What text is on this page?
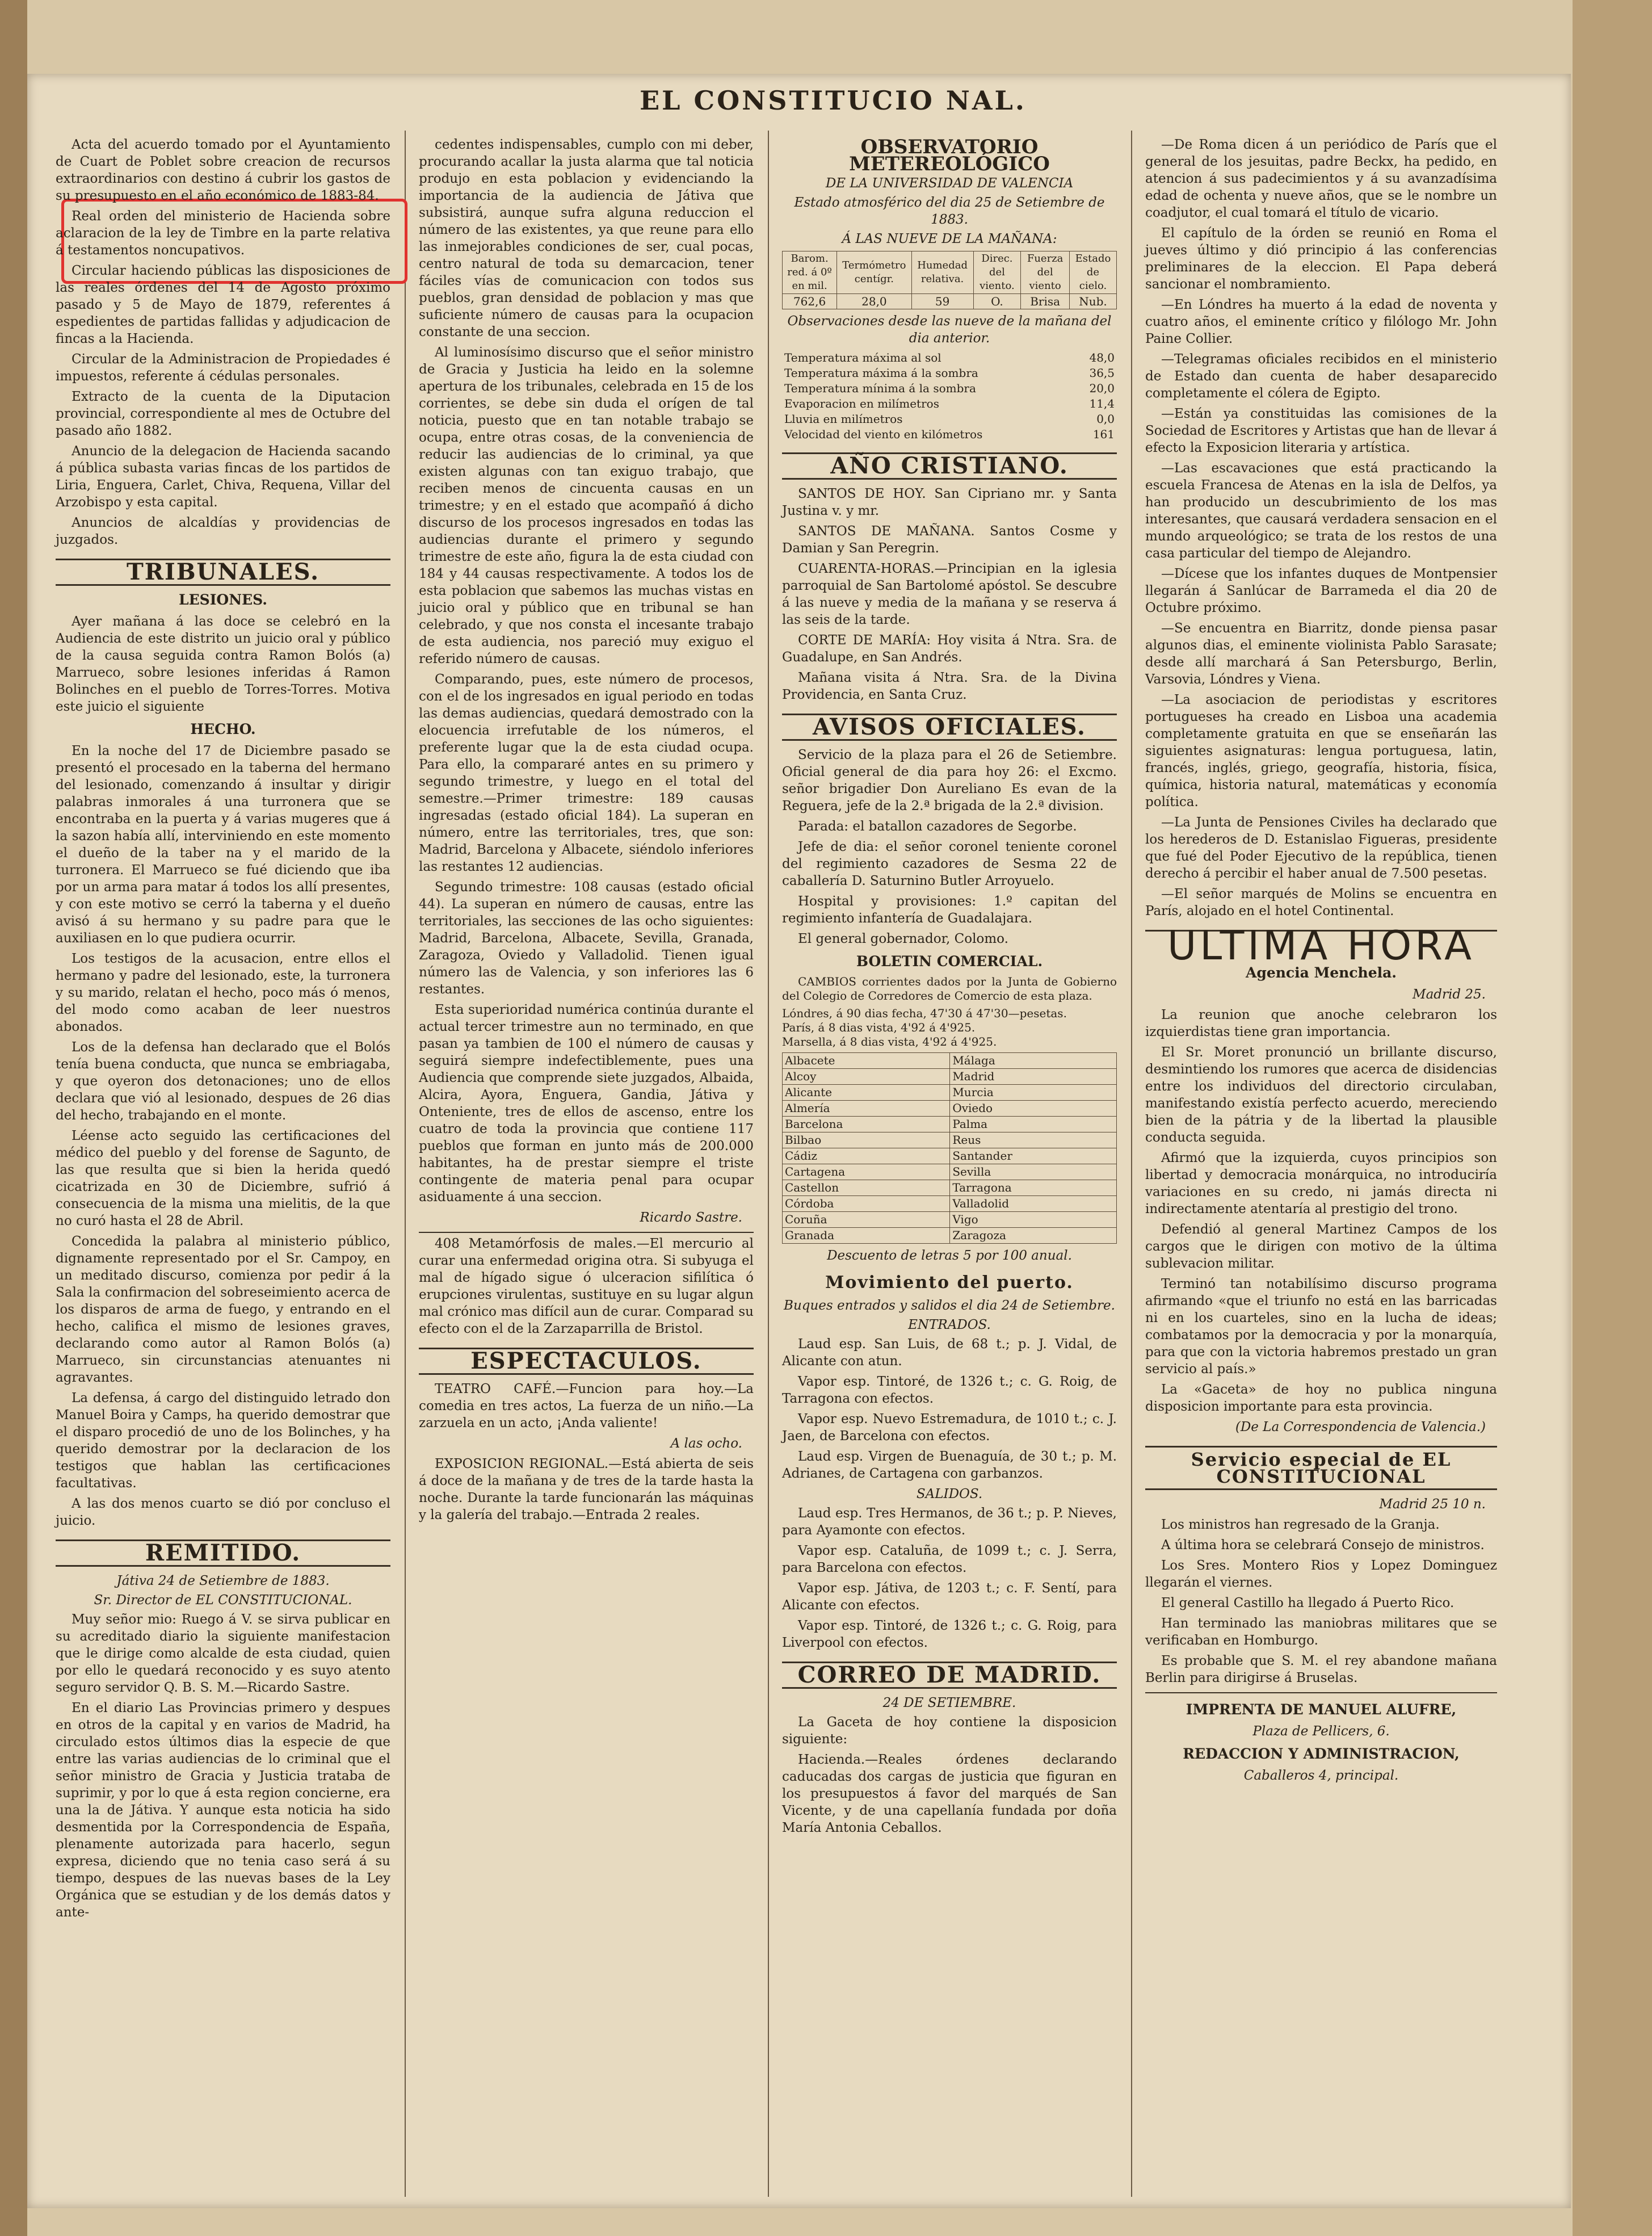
EL CONSTITUCIO NAL.

Acta del acuerdo tomado por el Ayuntamiento de Cuart de Poblet sobre creacion de recursos extraordinarios con destino á cubrir los gastos de su presupuesto en el año económico de 1883-84.

Real orden del ministerio de Hacienda sobre aclaracion de la ley de Timbre en la parte relativa á testamentos noncupativos.

Circular haciendo públicas las disposiciones de las reales órdenes del 14 de Agosto próximo pasado y 5 de Mayo de 1879, referentes á espedientes de partidas fallidas y adjudicacion de fincas a la Hacienda.

Circular de la Administracion de Propiedades é impuestos, referente á cédulas personales.

Extracto de la cuenta de la Diputacion provincial, correspondiente al mes de Octubre del pasado año 1882.

Anuncio de la delegacion de Hacienda sacando á pública subasta varias fincas de los partidos de Liria, Enguera, Carlet, Chiva, Requena, Villar del Arzobispo y esta capital.

Anuncios de alcaldías y providencias de juzgados.

TRIBUNALES.
LESIONES.

Ayer mañana á las doce se celebró en la Audiencia de este distrito un juicio oral y público de la causa seguida contra Ramon Bolós (a) Marrueco, sobre lesiones inferidas á Ramon Bolinches en el pueblo de Torres-Torres. Motiva este juicio el siguiente

HECHO.

En la noche del 17 de Diciembre pasado se presentó el procesado en la taberna del hermano del lesionado, comenzando á insultar y dirigir palabras inmorales á una turronera que se encontraba en la puerta y á varias mugeres que á la sazon había allí, interviniendo en este momento el dueño de la taber na y el marido de la turronera. El Marrueco se fué diciendo que iba por un arma para matar á todos los allí presentes, y con este motivo se cerró la taberna y el dueño avisó á su hermano y su padre para que le auxiliasen en lo que pudiera ocurrir.

Los testigos de la acusacion, entre ellos el hermano y padre del lesionado, este, la turronera y su marido, relatan el hecho, poco más ó menos, del modo como acaban de leer nuestros abonados.

Los de la defensa han declarado que el Bolós tenía buena conducta, que nunca se embriagaba, y que oyeron dos detonaciones; uno de ellos declara que vió al lesionado, despues de 26 dias del hecho, trabajando en el monte.

Léense acto seguido las certificaciones del médico del pueblo y del forense de Sagunto, de las que resulta que si bien la herida quedó cicatrizada en 30 de Diciembre, sufrió á consecuencia de la misma una mielitis, de la que no curó hasta el 28 de Abril.

Concedida la palabra al ministerio público, dignamente representado por el Sr. Campoy, en un meditado discurso, comienza por pedir á la Sala la confirmacion del sobreseimiento acerca de los disparos de arma de fuego, y entrando en el hecho, califica el mismo de lesiones graves, declarando como autor al Ramon Bolós (a) Marrueco, sin circunstancias atenuantes ni agravantes.

La defensa, á cargo del distinguido letrado don Manuel Boira y Camps, ha querido demostrar que el disparo procedió de uno de los Bolinches, y ha querido demostrar por la declaracion de los testigos que hablan las certificaciones facultativas.

A las dos menos cuarto se dió por concluso el juicio.

REMITIDO.
Játiva 24 de Setiembre de 1883.
Sr. Director de EL CONSTITUCIONAL.

Muy señor mio: Ruego á V. se sirva publicar en su acreditado diario la siguiente manifestacion que le dirige como alcalde de esta ciudad, quien por ello le quedará reconocido y es suyo atento seguro servidor Q. B. S. M.—Ricardo Sastre.

En el diario Las Provincias primero y despues en otros de la capital y en varios de Madrid, ha circulado estos últimos dias la especie de que entre las varias audiencias de lo criminal que el señor ministro de Gracia y Justicia trataba de suprimir, y por lo que á esta region concierne, era una la de Játiva. Y aunque esta noticia ha sido desmentida por la Correspondencia de España, plenamente autorizada para hacerlo, segun expresa, diciendo que no tenia caso será á su tiempo, despues de las nuevas bases de la Ley Orgánica que se estudian y de los demás datos y ante-

cedentes indispensables, cumplo con mi deber, procurando acallar la justa alarma que tal noticia produjo en esta poblacion y evidenciando la importancia de la audiencia de Játiva que subsistirá, aunque sufra alguna reduccion el número de las existentes, ya que reune para ello las inmejorables condiciones de ser, cual pocas, centro natural de toda su demarcacion, tener fáciles vías de comunicacion con todos sus pueblos, gran densidad de poblacion y mas que suficiente número de causas para la ocupacion constante de una seccion.

Al luminosísimo discurso que el señor ministro de Gracia y Justicia ha leido en la solemne apertura de los tribunales, celebrada en 15 de los corrientes, se debe sin duda el orígen de tal noticia, puesto que en tan notable trabajo se ocupa, entre otras cosas, de la conveniencia de reducir las audiencias de lo criminal, ya que existen algunas con tan exiguo trabajo, que reciben menos de cincuenta causas en un trimestre; y en el estado que acompañó á dicho discurso de los procesos ingresados en todas las audiencias durante el primero y segundo trimestre de este año, figura la de esta ciudad con 184 y 44 causas respectivamente. A todos los de esta poblacion que sabemos las muchas vistas en juicio oral y público que en tribunal se han celebrado, y que nos consta el incesante trabajo de esta audiencia, nos pareció muy exiguo el referido número de causas.

Comparando, pues, este número de procesos, con el de los ingresados en igual periodo en todas las demas audiencias, quedará demostrado con la elocuencia irrefutable de los números, el preferente lugar que la de esta ciudad ocupa. Para ello, la compararé antes en su primero y segundo trimestre, y luego en el total del semestre.—Primer trimestre: 189 causas ingresadas (estado oficial 184). La superan en número, entre las territoriales, tres, que son: Madrid, Barcelona y Albacete, siéndolo inferiores las restantes 12 audiencias.

Segundo trimestre: 108 causas (estado oficial 44). La superan en número de causas, entre las territoriales, las secciones de las ocho siguientes: Madrid, Barcelona, Albacete, Sevilla, Granada, Zaragoza, Oviedo y Valladolid. Tienen igual número las de Valencia, y son inferiores las 6 restantes.

Esta superioridad numérica continúa durante el actual tercer trimestre aun no terminado, en que pasan ya tambien de 100 el número de causas y seguirá siempre indefectiblemente, pues una Audiencia que comprende siete juzgados, Albaida, Alcira, Ayora, Enguera, Gandia, Játiva y Onteniente, tres de ellos de ascenso, entre los cuatro de toda la provincia que contiene 117 pueblos que forman en junto más de 200.000 habitantes, ha de prestar siempre el triste contingente de materia penal para ocupar asiduamente á una seccion.

Ricardo Sastre.

408 Metamórfosis de males.—El mercurio al curar una enfermedad origina otra. Si subyuga el mal de hígado sigue ó ulceracion sifilítica ó erupciones virulentas, sustituye en su lugar algun mal crónico mas difícil aun de curar. Comparad su efecto con el de la Zarzaparrilla de Bristol.

ESPECTACULOS.

TEATRO CAFÉ.—Funcion para hoy.—La comedia en tres actos, La fuerza de un niño.—La zarzuela en un acto, ¡Anda valiente!

A las ocho.

EXPOSICION REGIONAL.—Está abierta de seis á doce de la mañana y de tres de la tarde hasta la noche. Durante la tarde funcionarán las máquinas y la galería del trabajo.—Entrada 2 reales.

OBSERVATORIO METEREOLÓGICO
DE LA UNIVERSIDAD DE VALENCIA
Estado atmosférico del dia 25 de Setiembre de 1883.
Á LAS NUEVE DE LA MAÑANA:
Barom. red. á 0º en mil.	Termómetro centígr.	Humedad relativa.	Direc. del viento.	Fuerza del viento	Estado de cielo.
762,6	28,0	59	O.	Brisa	Nub.
Observaciones desde las nueve de la mañana del dia anterior.
Temperatura máxima al sol	48,0
Temperatura máxima á la sombra	36,5
Temperatura mínima á la sombra	20,0
Evaporacion en milímetros	11,4
Lluvia en milímetros	0,0
Velocidad del viento en kilómetros	161
AÑO CRISTIANO.

SANTOS DE HOY. San Cipriano mr. y Santa Justina v. y mr.

SANTOS DE MAÑANA. Santos Cosme y Damian y San Peregrin.

CUARENTA-HORAS.—Principian en la iglesia parroquial de San Bartolomé apóstol. Se descubre á las nueve y media de la mañana y se reserva á las seis de la tarde.

CORTE DE MARÍA: Hoy visita á Ntra. Sra. de Guadalupe, en San Andrés.

Mañana visita á Ntra. Sra. de la Divina Providencia, en Santa Cruz.

AVISOS OFICIALES.

Servicio de la plaza para el 26 de Setiembre. Oficial general de dia para hoy 26: el Excmo. señor brigadier Don Aureliano Es evan de la Reguera, jefe de la 2.ª brigada de la 2.ª division.

Parada: el batallon cazadores de Segorbe.

Jefe de dia: el señor coronel teniente coronel del regimiento cazadores de Sesma 22 de caballería D. Saturnino Butler Arroyuelo.

Hospital y provisiones: 1.º capitan del regimiento infantería de Guadalajara.

El general gobernador, Colomo.

BOLETIN COMERCIAL.

CAMBIOS corrientes dados por la Junta de Gobierno del Colegio de Corredores de Comercio de esta plaza.

Lóndres, á 90 dias fecha, 47'30 á 47'30—pesetas.
París, á 8 dias vista, 4'92 á 4'925.
Marsella, á 8 dias vista, 4'92 á 4'925.
Albacete	Málaga
Alcoy	Madrid
Alicante	Murcia
Almería	Oviedo
Barcelona	Palma
Bilbao	Reus
Cádiz	Santander
Cartagena	Sevilla
Castellon	Tarragona
Córdoba	Valladolid
Coruña	Vigo
Granada	Zaragoza
Descuento de letras 5 por 100 anual.
Movimiento del puerto.
Buques entrados y salidos el dia 24 de Setiembre.
ENTRADOS.

Laud esp. San Luis, de 68 t.; p. J. Vidal, de Alicante con atun.

Vapor esp. Tintoré, de 1326 t.; c. G. Roig, de Tarragona con efectos.

Vapor esp. Nuevo Estremadura, de 1010 t.; c. J. Jaen, de Barcelona con efectos.

Laud esp. Virgen de Buenaguía, de 30 t.; p. M. Adrianes, de Cartagena con garbanzos.

SALIDOS.

Laud esp. Tres Hermanos, de 36 t.; p. P. Nieves, para Ayamonte con efectos.

Vapor esp. Cataluña, de 1099 t.; c. J. Serra, para Barcelona con efectos.

Vapor esp. Játiva, de 1203 t.; c. F. Sentí, para Alicante con efectos.

Vapor esp. Tintoré, de 1326 t.; c. G. Roig, para Liverpool con efectos.

CORREO DE MADRID.
24 DE SETIEMBRE.

La Gaceta de hoy contiene la disposicion siguiente:

Hacienda.—Reales órdenes declarando caducadas dos cargas de justicia que figuran en los presupuestos á favor del marqués de San Vicente, y de una capellanía fundada por doña María Antonia Ceballos.

—De Roma dicen á un periódico de París que el general de los jesuitas, padre Beckx, ha pedido, en atencion á sus padecimientos y á su avanzadísima edad de ochenta y nueve años, que se le nombre un coadjutor, el cual tomará el título de vicario.

El capítulo de la órden se reunió en Roma el jueves último y dió principio á las conferencias preliminares de la eleccion. El Papa deberá sancionar el nombramiento.

—En Lóndres ha muerto á la edad de noventa y cuatro años, el eminente crítico y filólogo Mr. John Paine Collier.

—Telegramas oficiales recibidos en el ministerio de Estado dan cuenta de haber desaparecido completamente el cólera de Egipto.

—Están ya constituidas las comisiones de la Sociedad de Escritores y Artistas que han de llevar á efecto la Exposicion literaria y artística.

—Las escavaciones que está practicando la escuela Francesa de Atenas en la isla de Delfos, ya han producido un descubrimiento de los mas interesantes, que causará verdadera sensacion en el mundo arqueológico; se trata de los restos de una casa particular del tiempo de Alejandro.

—Dícese que los infantes duques de Montpensier llegarán á Sanlúcar de Barrameda el dia 20 de Octubre próximo.

—Se encuentra en Biarritz, donde piensa pasar algunos dias, el eminente violinista Pablo Sarasate; desde allí marchará á San Petersburgo, Berlin, Varsovia, Lóndres y Viena.

—La asociacion de periodistas y escritores portugueses ha creado en Lisboa una academia completamente gratuita en que se enseñarán las siguientes asignaturas: lengua portuguesa, latin, francés, inglés, griego, geografía, historia, física, química, historia natural, matemáticas y economía política.

—La Junta de Pensiones Civiles ha declarado que los herederos de D. Estanislao Figueras, presidente que fué del Poder Ejecutivo de la república, tienen derecho á percibir el haber anual de 7.500 pesetas.

—El señor marqués de Molins se encuentra en París, alojado en el hotel Continental.

ULTIMA HORA
Agencia Menchela.
Madrid 25.

La reunion que anoche celebraron los izquierdistas tiene gran importancia.

El Sr. Moret pronunció un brillante discurso, desmintiendo los rumores que acerca de disidencias entre los individuos del directorio circulaban, manifestando existía perfecto acuerdo, mereciendo bien de la pátria y de la libertad la plausible conducta seguida.

Afirmó que la izquierda, cuyos principios son libertad y democracia monárquica, no introduciría variaciones en su credo, ni jamás directa ni indirectamente atentaría al prestigio del trono.

Defendió al general Martinez Campos de los cargos que le dirigen con motivo de la última sublevacion militar.

Terminó tan notabilísimo discurso programa afirmando «que el triunfo no está en las barricadas ni en los cuarteles, sino en la lucha de ideas; combatamos por la democracia y por la monarquía, para que con la victoria habremos prestado un gran servicio al país.»

La «Gaceta» de hoy no publica ninguna disposicion importante para esta provincia.

(De La Correspondencia de Valencia.)
Servicio especial de EL CONSTITUCIONAL
Madrid 25 10 n.

Los ministros han regresado de la Granja.

A última hora se celebrará Consejo de ministros.

Los Sres. Montero Rios y Lopez Dominguez llegarán el viernes.

El general Castillo ha llegado á Puerto Rico.

Han terminado las maniobras militares que se verificaban en Homburgo.

Es probable que S. M. el rey abandone mañana Berlin para dirigirse á Bruselas.

IMPRENTA DE MANUEL ALUFRE,
Plaza de Pellicers, 6.
REDACCION Y ADMINISTRACION,
Caballeros 4, principal.
